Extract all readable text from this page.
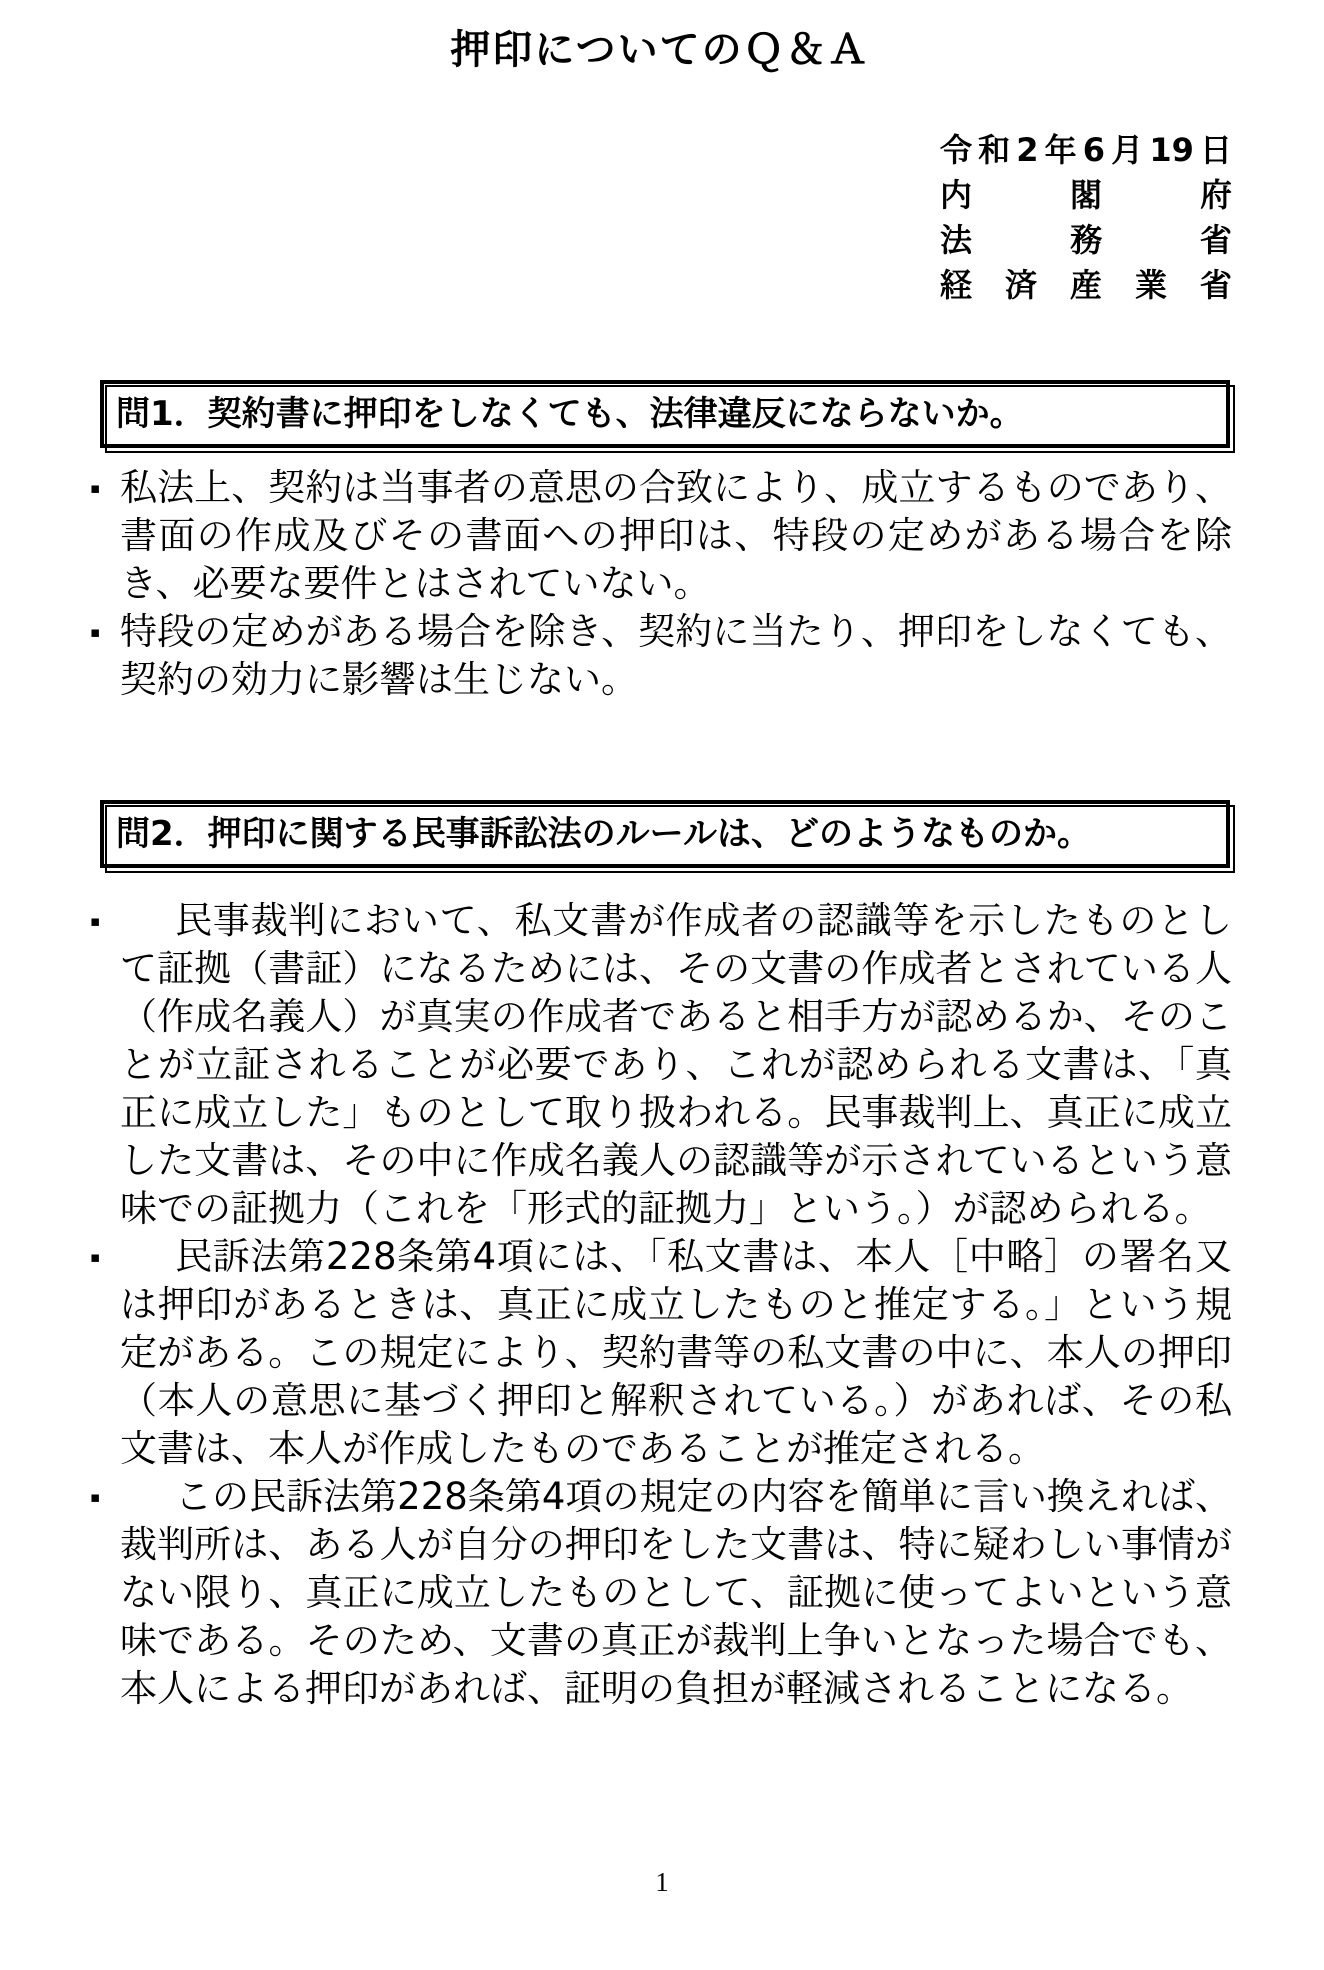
押印についてのＱ＆Ａ
令和2年6月19日
内　　閣　　府
法　　務　　省
経　済　産　業　省
問1．契約書に押印をしなくても、法律違反にならないか。
▪ 私法上、契約は当事者の意思の合致により、成立するものであり、書面の作成及びその書面への押印は、特段の定めがある場合を除き、必要な要件とはされていない。
▪ 特段の定めがある場合を除き、契約に当たり、押印をしなくても、契約の効力に影響は生じない。
問2．押印に関する民事訴訟法のルールは、どのようなものか。
▪ 民事裁判において、私文書が作成者の認識等を示したものとして証拠（書証）になるためには、その文書の作成者とされている人（作成名義人）が真実の作成者であると相手方が認めるか、そのことが立証されることが必要であり、これが認められる文書は、「真正に成立した」ものとして取り扱われる。民事裁判上、真正に成立した文書は、その中に作成名義人の認識等が示されているという意味での証拠力（これを「形式的証拠力」という。）が認められる。
▪ 民訴法第228条第4項には、「私文書は、本人［中略］の署名又は押印があるときは、真正に成立したものと推定する。」という規定がある。この規定により、契約書等の私文書の中に、本人の押印（本人の意思に基づく押印と解釈されている。）があれば、その私文書は、本人が作成したものであることが推定される。
▪ この民訴法第228条第4項の規定の内容を簡単に言い換えれば、裁判所は、ある人が自分の押印をした文書は、特に疑わしい事情がない限り、真正に成立したものとして、証拠に使ってよいという意味である。そのため、文書の真正が裁判上争いとなった場合でも、本人による押印があれば、証明の負担が軽減されることになる。
1
